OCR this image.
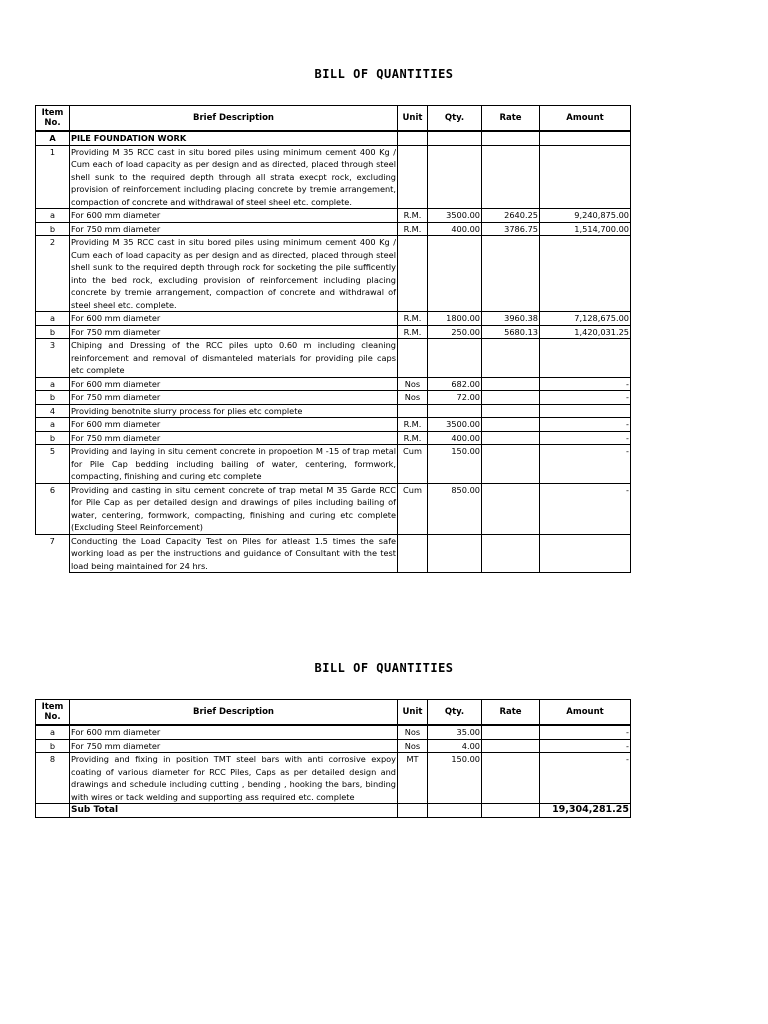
BILL OF QUANTITIES
Item No.	Brief Description	Unit	Qty.	Rate	Amount
A	PILE FOUNDATION WORK				
1	Providing M 35 RCC cast in situ bored piles using minimum cement 400 Kg / Cum each of load capacity as per design and as directed, placed through steel shell sunk to the required depth through all strata execpt rock, excluding provision of reinforcement including placing concrete by tremie arrangement, compaction of concrete and withdrawal of steel sheel etc. complete.				
a	For 600 mm diameter	R.M.	3500.00	2640.25	9,240,875.00
b	For 750 mm diameter	R.M.	400.00	3786.75	1,514,700.00
2	Providing M 35 RCC cast in situ bored piles using minimum cement 400 Kg / Cum each of load capacity as per design and as directed, placed through steel shell sunk to the required depth through rock for socketing the pile sufficently into the bed rock, excluding provision of reinforcement including placing concrete by tremie arrangement, compaction of concrete and withdrawal of steel sheel etc. complete.				
a	For 600 mm diameter	R.M.	1800.00	3960.38	7,128,675.00
b	For 750 mm diameter	R.M.	250.00	5680.13	1,420,031.25
3	Chiping and Dressing of the RCC piles upto 0.60 m including cleaning reinforcement and removal of dismanteled materials for providing pile caps etc complete				
a	For 600 mm diameter	Nos	682.00		-
b	For 750 mm diameter	Nos	72.00		-
4	Providing benotnite slurry process for plies etc complete				
a	For 600 mm diameter	R.M.	3500.00		-
b	For 750 mm diameter	R.M.	400.00		-
5	Providing and laying in situ cement concrete in propoetion M -15 of trap metal for Pile Cap bedding including bailing of water, centering, formwork, compacting, finishing and curing etc complete	Cum	150.00		-
6	Providing and casting in situ cement concrete of trap metal M 35 Garde RCC for Pile Cap as per detailed design and drawings of piles including bailing of water, centering, formwork, compacting, finishing and curing etc complete (Excluding Steel Reinforcement)	Cum	850.00		-
7	Conducting the Load Capacity Test on Piles for atleast 1.5 times the safe working load as per the instructions and guidance of Consultant with the test load being maintained for 24 hrs.				
BILL OF QUANTITIES
Item No.	Brief Description	Unit	Qty.	Rate	Amount
a	For 600 mm diameter	Nos	35.00		-
b	For 750 mm diameter	Nos	4.00		-
8	Providing and fixing in position TMT steel bars with anti corrosive expoy coating of various diameter for RCC Piles, Caps as per detailed design and drawings and schedule including cutting , bending , hooking the bars, binding with wires or tack welding and supporting ass required etc. complete	MT	150.00		-
	Sub Total				19,304,281.25
